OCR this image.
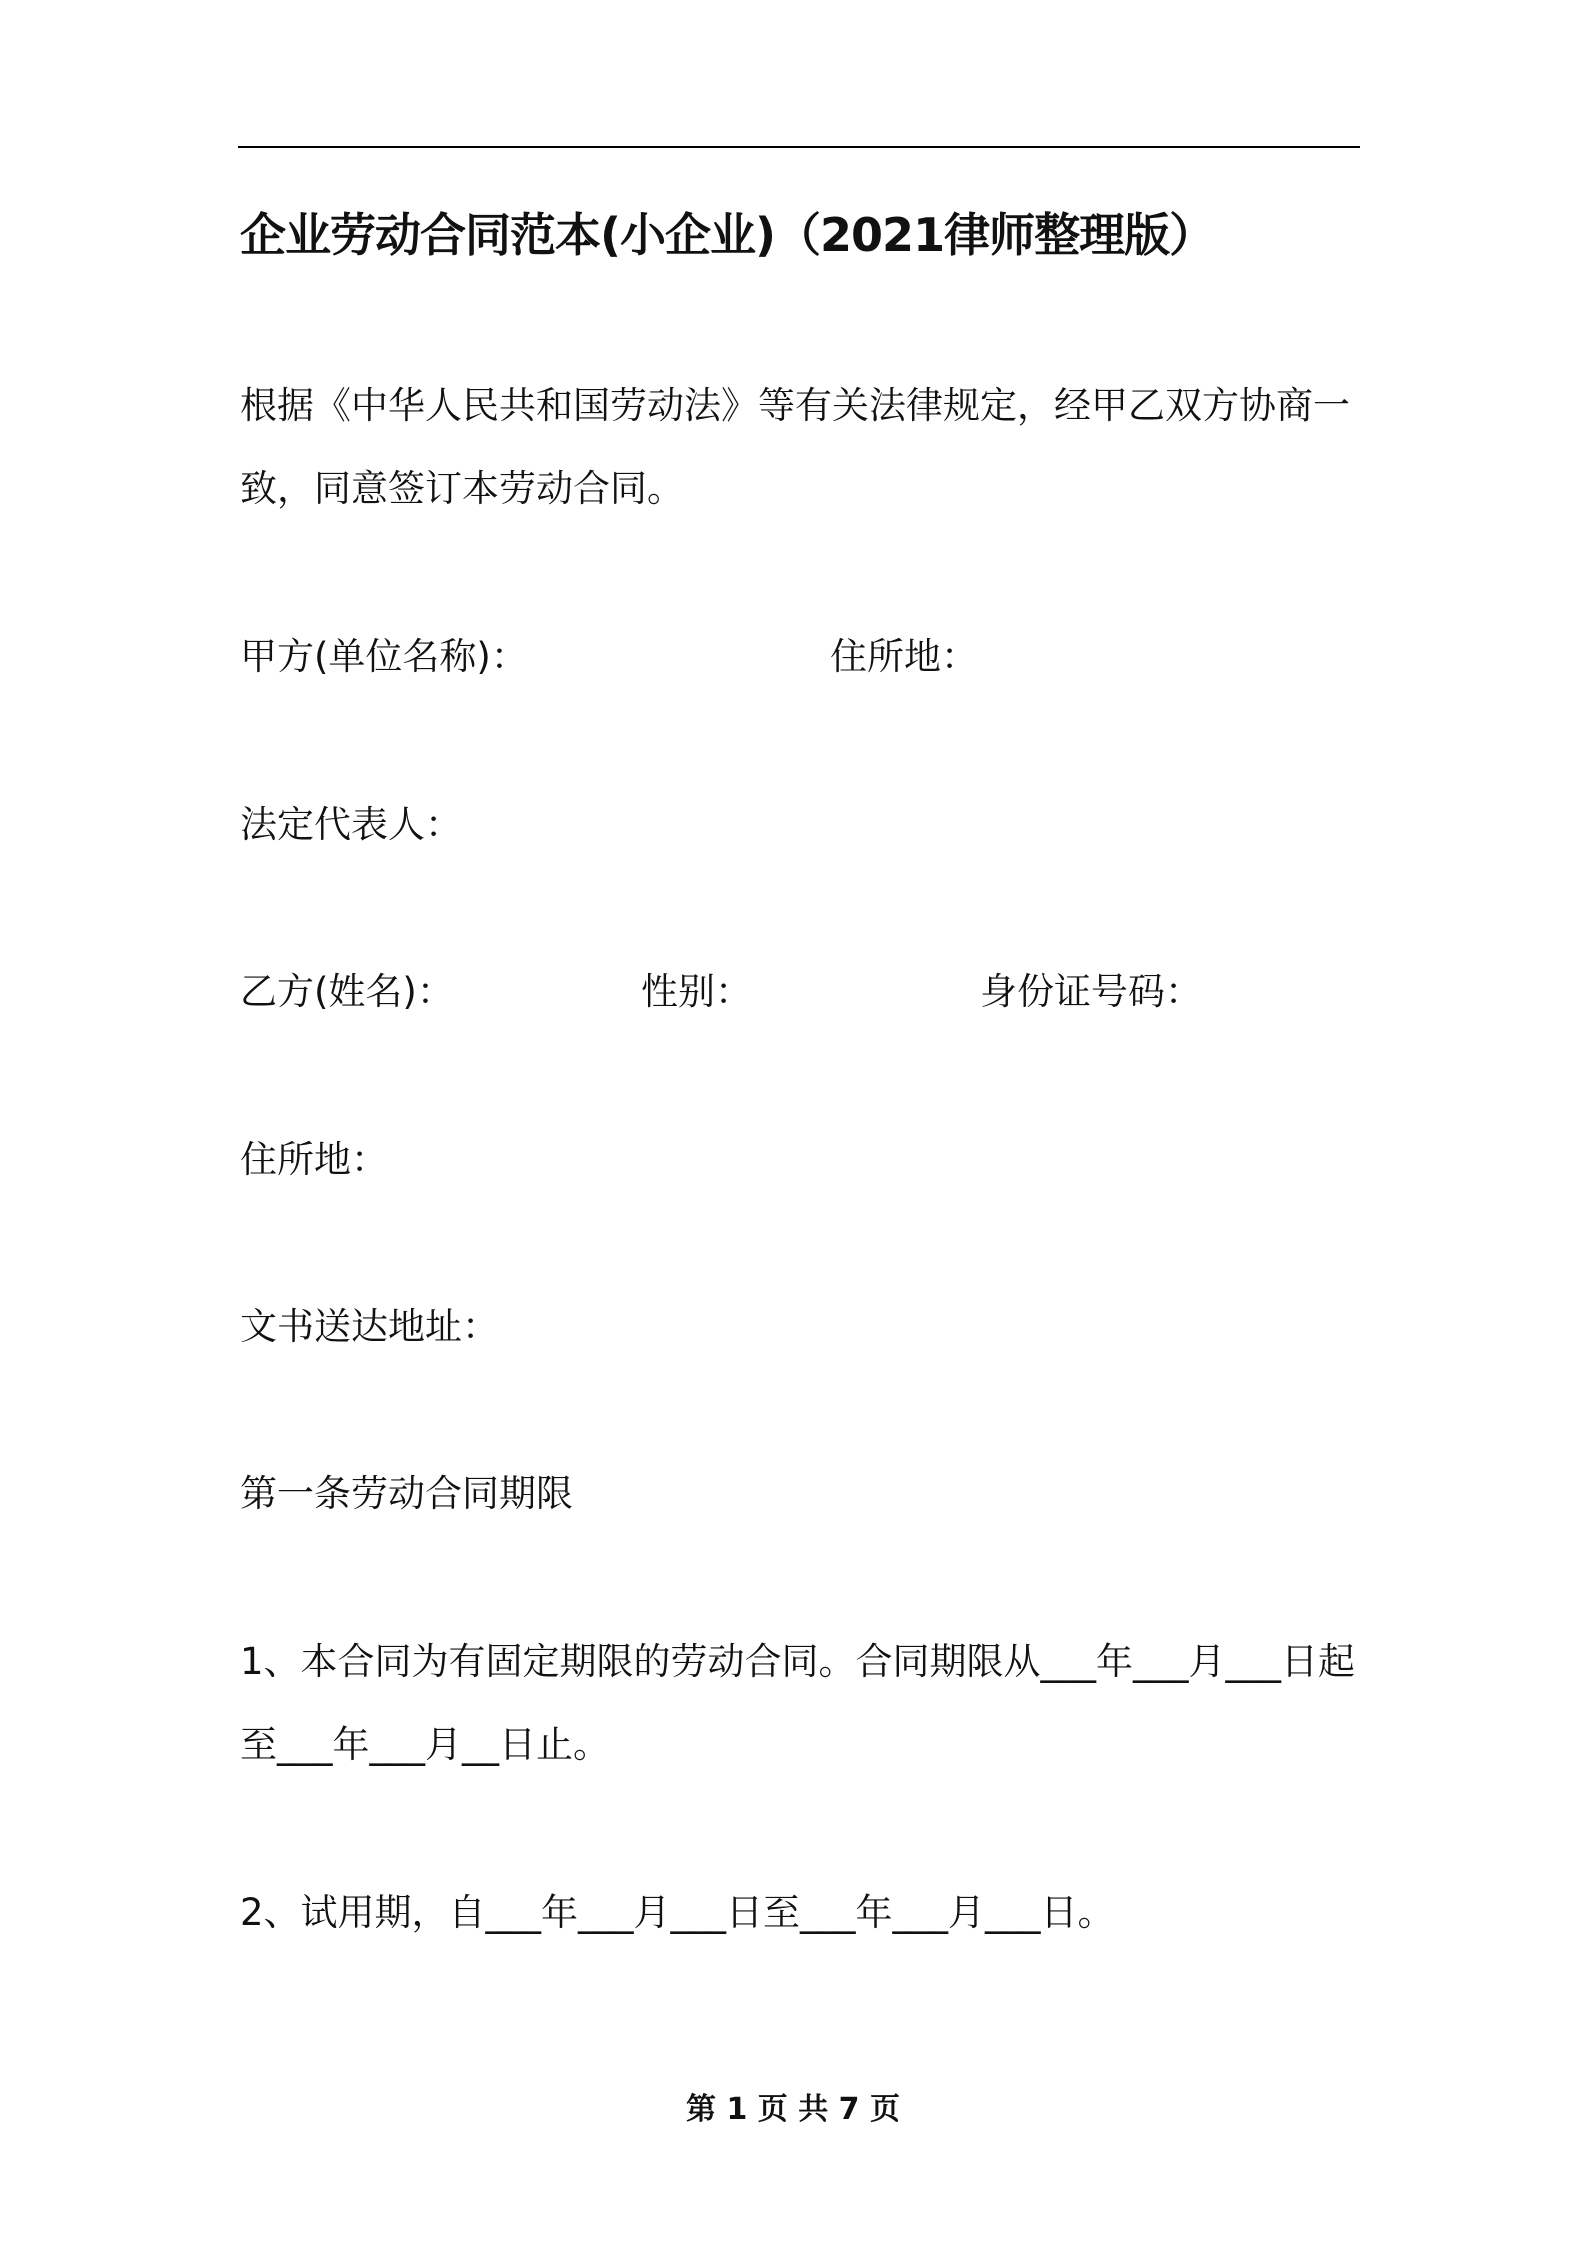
企业劳动合同范本(小企业)（2021律师整理版）
根据《中华人民共和国劳动法》等有关法律规定，经甲乙双方协商一
致，同意签订本劳动合同。
甲方(单位名称)：	住所地：
法定代表人：
乙方(姓名)：	性别：	身份证号码：
住所地：
文书送达地址：
第一条劳动合同期限
1、本合同为有固定期限的劳动合同。合同期限从___年___月___日起
至___年___月__日止。
2、试用期，自___年___月___日至___年___月___日。
第 1 页 共 7 页
